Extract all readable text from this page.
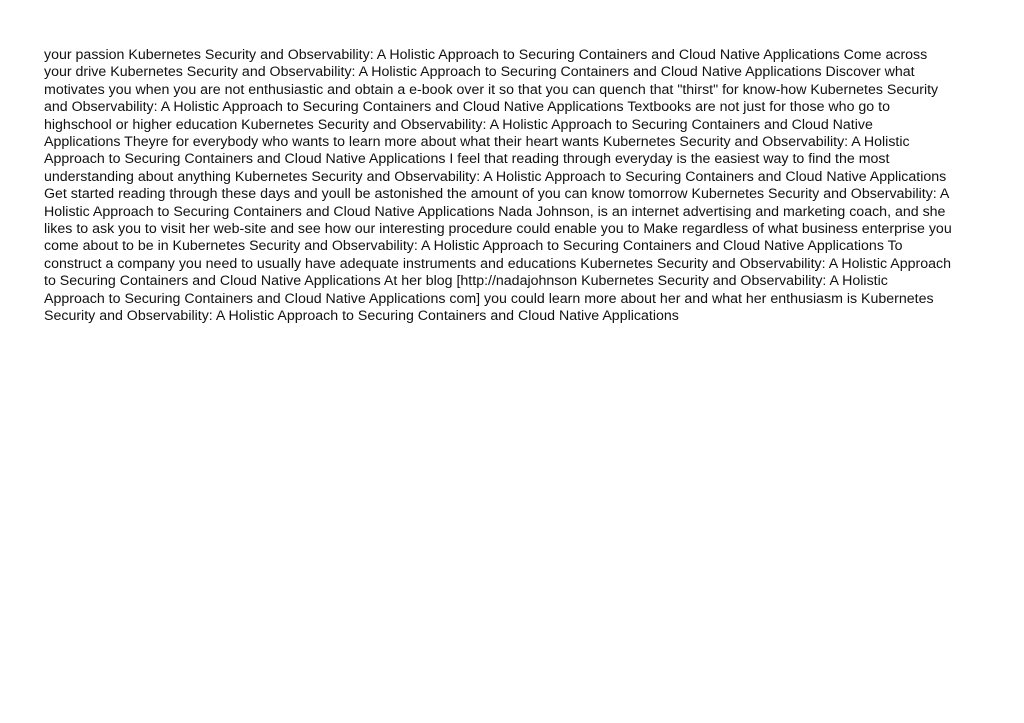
your passion Kubernetes Security and Observability: A Holistic Approach to Securing Containers and Cloud Native Applications Come across
your drive Kubernetes Security and Observability: A Holistic Approach to Securing Containers and Cloud Native Applications Discover what
motivates you when you are not enthusiastic and obtain a e-book over it so that you can quench that "thirst" for know-how Kubernetes Security
and Observability: A Holistic Approach to Securing Containers and Cloud Native Applications Textbooks are not just for those who go to
highschool or higher education Kubernetes Security and Observability: A Holistic Approach to Securing Containers and Cloud Native
Applications Theyre for everybody who wants to learn more about what their heart wants Kubernetes Security and Observability: A Holistic
Approach to Securing Containers and Cloud Native Applications I feel that reading through everyday is the easiest way to find the most
understanding about anything Kubernetes Security and Observability: A Holistic Approach to Securing Containers and Cloud Native Applications
Get started reading through these days and youll be astonished the amount of you can know tomorrow Kubernetes Security and Observability: A
Holistic Approach to Securing Containers and Cloud Native Applications Nada Johnson, is an internet advertising and marketing coach, and she
likes to ask you to visit her web-site and see how our interesting procedure could enable you to Make regardless of what business enterprise you
come about to be in Kubernetes Security and Observability: A Holistic Approach to Securing Containers and Cloud Native Applications To
construct a company you need to usually have adequate instruments and educations Kubernetes Security and Observability: A Holistic Approach
to Securing Containers and Cloud Native Applications At her blog [http://nadajohnson Kubernetes Security and Observability: A Holistic
Approach to Securing Containers and Cloud Native Applications com] you could learn more about her and what her enthusiasm is Kubernetes
Security and Observability: A Holistic Approach to Securing Containers and Cloud Native Applications
